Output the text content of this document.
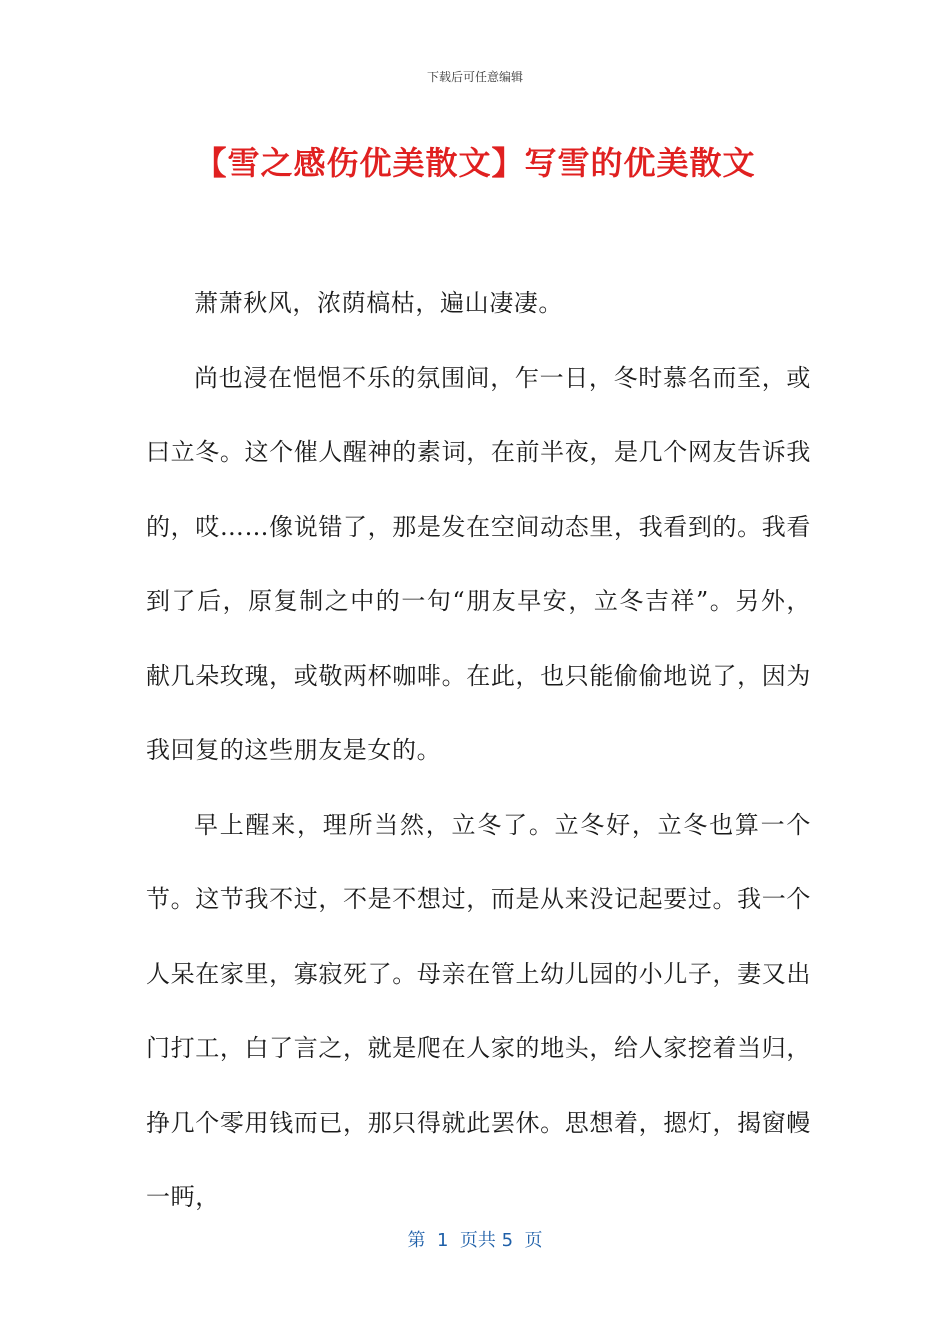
下载后可任意编辑
【雪之感伤优美散文】写雪的优美散文

萧萧秋风，浓荫槁枯，遍山凄凄。

尚也浸在悒悒不乐的氛围间，乍一日，冬时慕名而至，或曰立冬。这个催人醒神的素词，在前半夜，是几个网友告诉我的，哎……像说错了，那是发在空间动态里，我看到的。我看到了后，原复制之中的一句“朋友早安，立冬吉祥”。另外，献几朵玫瑰，或敬两杯咖啡。在此，也只能偷偷地说了，因为我回复的这些朋友是女的。

早上醒来，理所当然，立冬了。立冬好，立冬也算一个节。这节我不过，不是不想过，而是从来没记起要过。我一个人呆在家里，寡寂死了。母亲在管上幼儿园的小儿子，妻又出门打工，白了言之，就是爬在人家的地头，给人家挖着当归，挣几个零用钱而已，那只得就此罢休。思想着，摁灯，揭窗幔一眄，

第  1  页共 5  页
